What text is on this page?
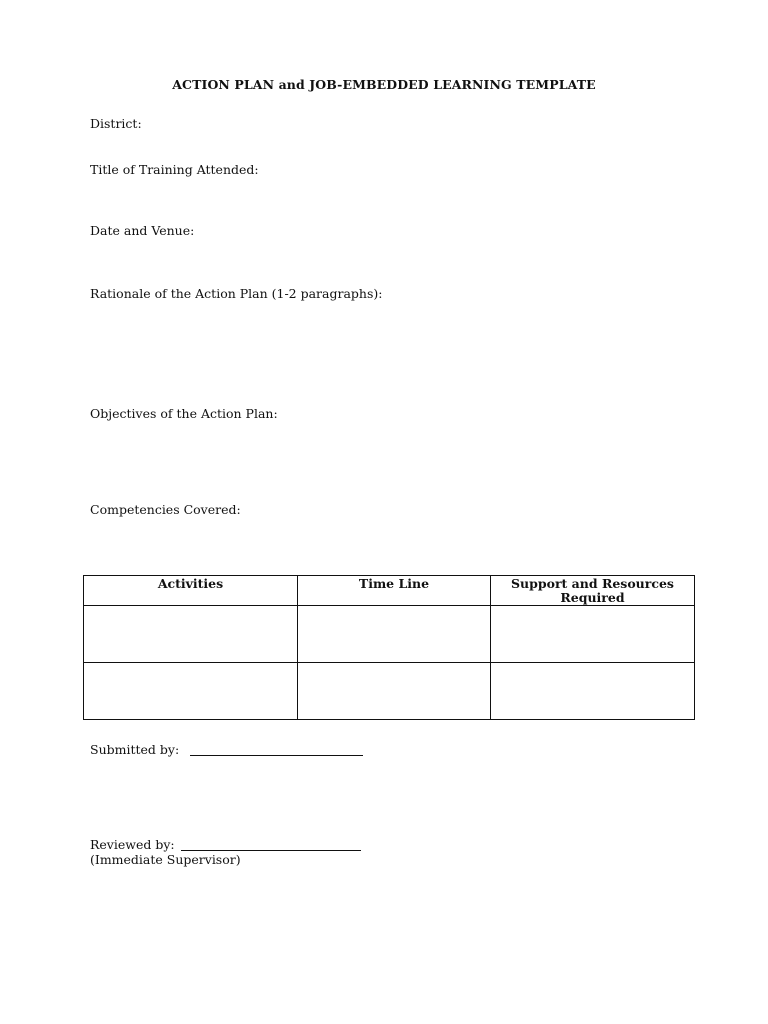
ACTION PLAN and JOB-EMBEDDED LEARNING TEMPLATE
District:
Title of Training Attended:
Date and Venue:
Rationale of the Action Plan (1-2 paragraphs):
Objectives of the Action Plan:
Competencies Covered:
Activities	Time Line	Support and Resources Required

Submitted by:
Reviewed by:
(Immediate Supervisor)
